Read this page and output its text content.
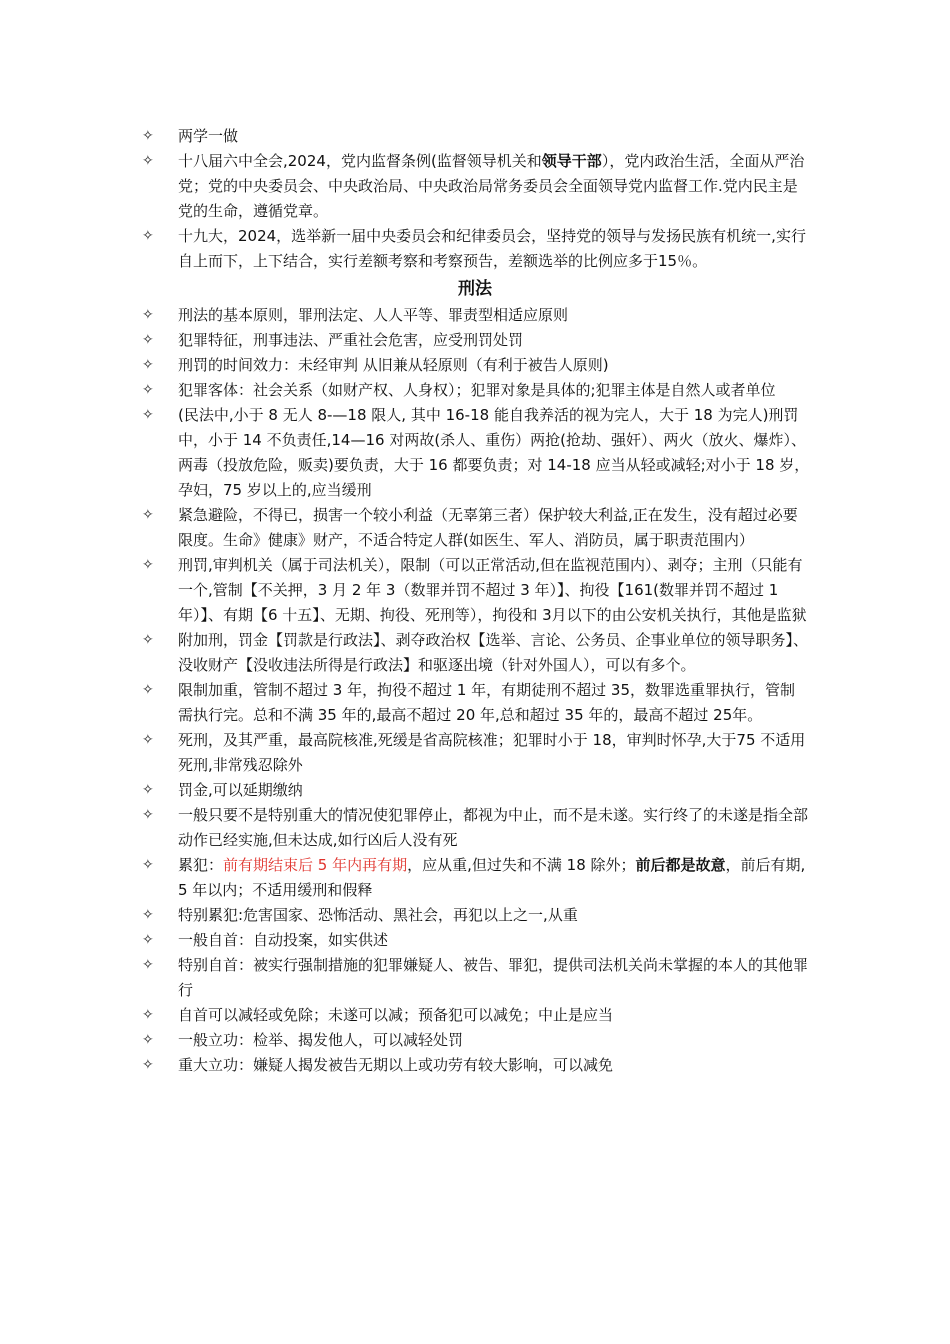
✧	两学一做
✧	十八届六中全会,2024，党内监督条例(监督领导机关和领导干部），党内政治生活，全面从严治党；党的中央委员会、中央政治局、中央政治局常务委员会全面领导党内监督工作.党内民主是党的生命，遵循党章。
✧	十九大，2024，选举新一届中央委员会和纪律委员会，坚持党的领导与发扬民族有机统一,实行自上而下，上下结合，实行差额考察和考察预告，差额选举的比例应多于15％。
刑法
✧	刑法的基本原则，罪刑法定、人人平等、罪责型相适应原则
✧	犯罪特征，刑事违法、严重社会危害，应受刑罚处罚
✧	刑罚的时间效力：未经审判 从旧兼从轻原则（有利于被告人原则)
✧	犯罪客体：社会关系（如财产权、人身权）；犯罪对象是具体的;犯罪主体是自然人或者单位
✧	(民法中,小于 8 无人 8-—18 限人, 其中 16-18 能自我养活的视为完人，大于 18 为完人)刑罚中，小于 14 不负责任,14—16 对两故(杀人、重伤）两抢(抢劫、强奸）、两火（放火、爆炸）、两毒（投放危险，贩卖)要负责，大于 16 都要负责；对 14-18 应当从轻或减轻;对小于 18 岁，孕妇，75 岁以上的,应当缓刑
✧	紧急避险，不得已，损害一个较小利益（无辜第三者）保护较大利益,正在发生，没有超过必要限度。生命》健康》财产，不适合特定人群(如医生、军人、消防员，属于职责范围内）
✧	刑罚,审判机关（属于司法机关），限制（可以正常活动,但在监视范围内）、剥夺；主刑（只能有一个,管制【不关押，3 月 2 年 3（数罪并罚不超过 3 年）】、拘役【161(数罪并罚不超过 1 年）】、有期【6 十五】、无期、拘役、死刑等），拘役和 3月以下的由公安机关执行，其他是监狱
✧	附加刑，罚金【罚款是行政法】、剥夺政治权【选举、言论、公务员、企事业单位的领导职务】、没收财产【没收违法所得是行政法】和驱逐出境（针对外国人），可以有多个。
✧	限制加重，管制不超过 3 年，拘役不超过 1 年，有期徒刑不超过 35，数罪选重罪执行，管制需执行完。总和不满 35 年的,最高不超过 20 年,总和超过 35 年的，最高不超过 25年。
✧	死刑，及其严重，最高院核准,死缓是省高院核准；犯罪时小于 18，审判时怀孕,大于75 不适用死刑,非常残忍除外
✧	罚金,可以延期缴纳
✧	一般只要不是特别重大的情况使犯罪停止，都视为中止，而不是未遂。实行终了的未遂是指全部动作已经实施,但未达成,如行凶后人没有死
✧	累犯：前有期结束后 5 年内再有期，应从重,但过失和不满 18 除外；前后都是故意，前后有期,5 年以内；不适用缓刑和假释
✧	特别累犯:危害国家、恐怖活动、黑社会，再犯以上之一,从重
✧	一般自首：自动投案，如实供述
✧	特别自首：被实行强制措施的犯罪嫌疑人、被告、罪犯，提供司法机关尚未掌握的本人的其他罪行
✧	自首可以减轻或免除；未遂可以减；预备犯可以减免；中止是应当
✧	一般立功：检举、揭发他人，可以减轻处罚
✧	重大立功：嫌疑人揭发被告无期以上或功劳有较大影响，可以减免
